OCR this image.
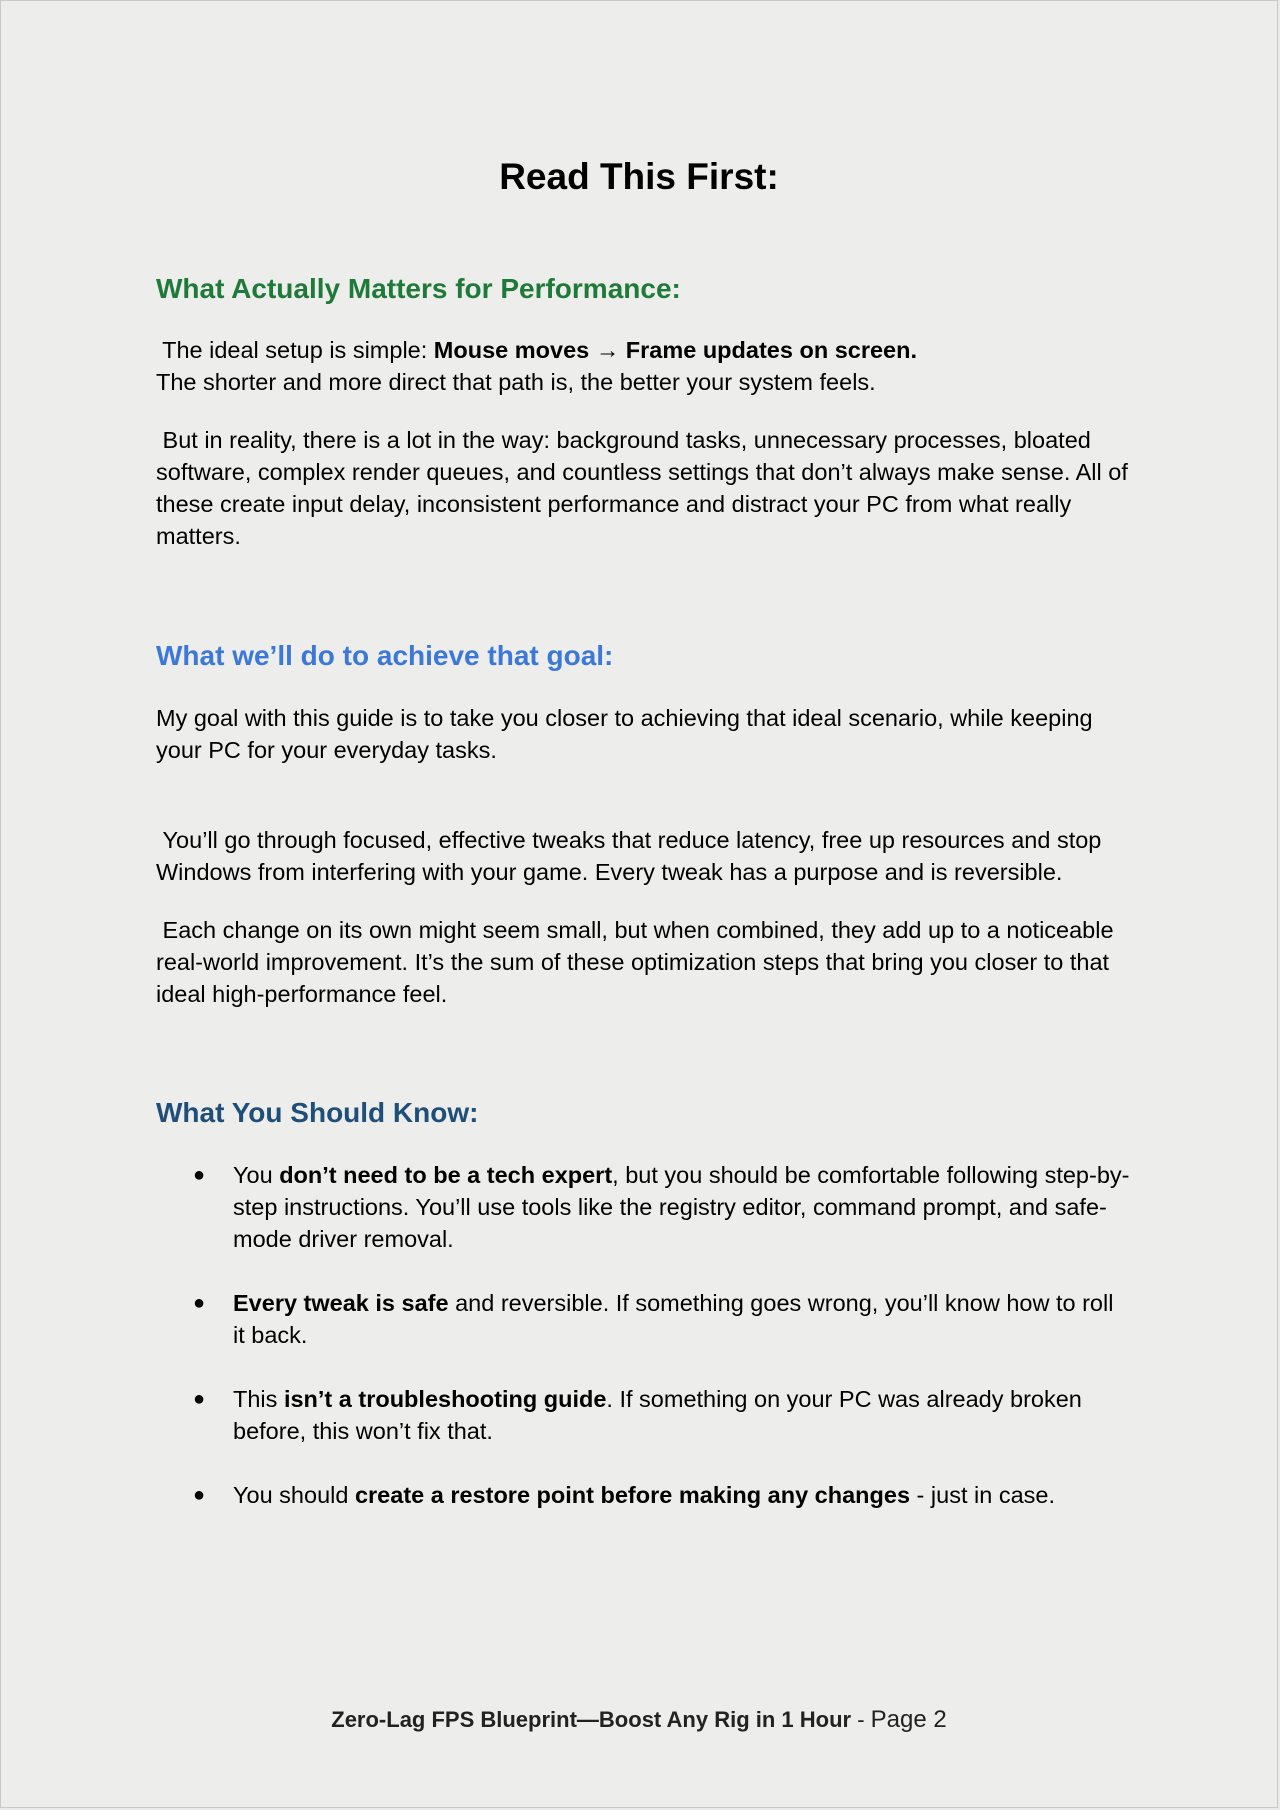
Read This First:
What Actually Matters for Performance:

The ideal setup is simple: Mouse moves → Frame updates on screen.
The shorter and more direct that path is, the better your system feels.

But in reality, there is a lot in the way: background tasks, unnecessary processes, bloated software, complex render queues, and countless settings that don’t always make sense. All of these create input delay, inconsistent performance and distract your PC from what really matters.

What we’ll do to achieve that goal:

My goal with this guide is to take you closer to achieving that ideal scenario, while keeping your PC for your everyday tasks.

You’ll go through focused, effective tweaks that reduce latency, free up resources and stop Windows from interfering with your game. Every tweak has a purpose and is reversible.

Each change on its own might seem small, but when combined, they add up to a noticeable real-world improvement. It’s the sum of these optimization steps that bring you closer to that ideal high-performance feel.

What You Should Know:
● You don’t need to be a tech expert, but you should be comfortable following step-by-step instructions. You’ll use tools like the registry editor, command prompt, and safe-mode driver removal.
● Every tweak is safe and reversible. If something goes wrong, you’ll know how to roll it back.
● This isn’t a troubleshooting guide. If something on your PC was already broken before, this won’t fix that.
● You should create a restore point before making any changes - just in case.
Zero-Lag FPS Blueprint—Boost Any Rig in 1 Hour - Page 2
